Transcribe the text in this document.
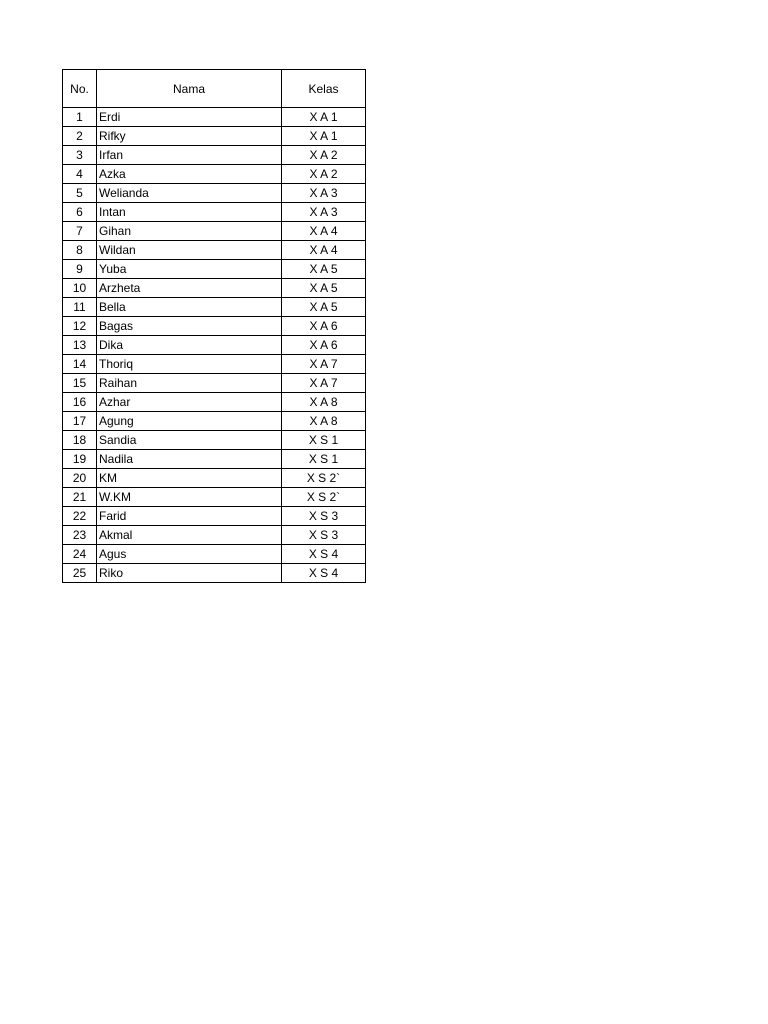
No.	Nama	Kelas
1	Erdi	X A 1
2	Rifky	X A 1
3	Irfan	X A 2
4	Azka	X A 2
5	Welianda	X A 3
6	Intan	X A 3
7	Gihan	X A 4
8	Wildan	X A 4
9	Yuba	X A 5
10	Arzheta	X A 5
11	Bella	X A 5
12	Bagas	X A 6
13	Dika	X A 6
14	Thoriq	X A 7
15	Raihan	X A 7
16	Azhar	X A 8
17	Agung	X A 8
18	Sandia	X S 1
19	Nadila	X S 1
20	KM	X S 2`
21	W.KM	X S 2`
22	Farid	X S 3
23	Akmal	X S 3
24	Agus	X S 4
25	Riko	X S 4
